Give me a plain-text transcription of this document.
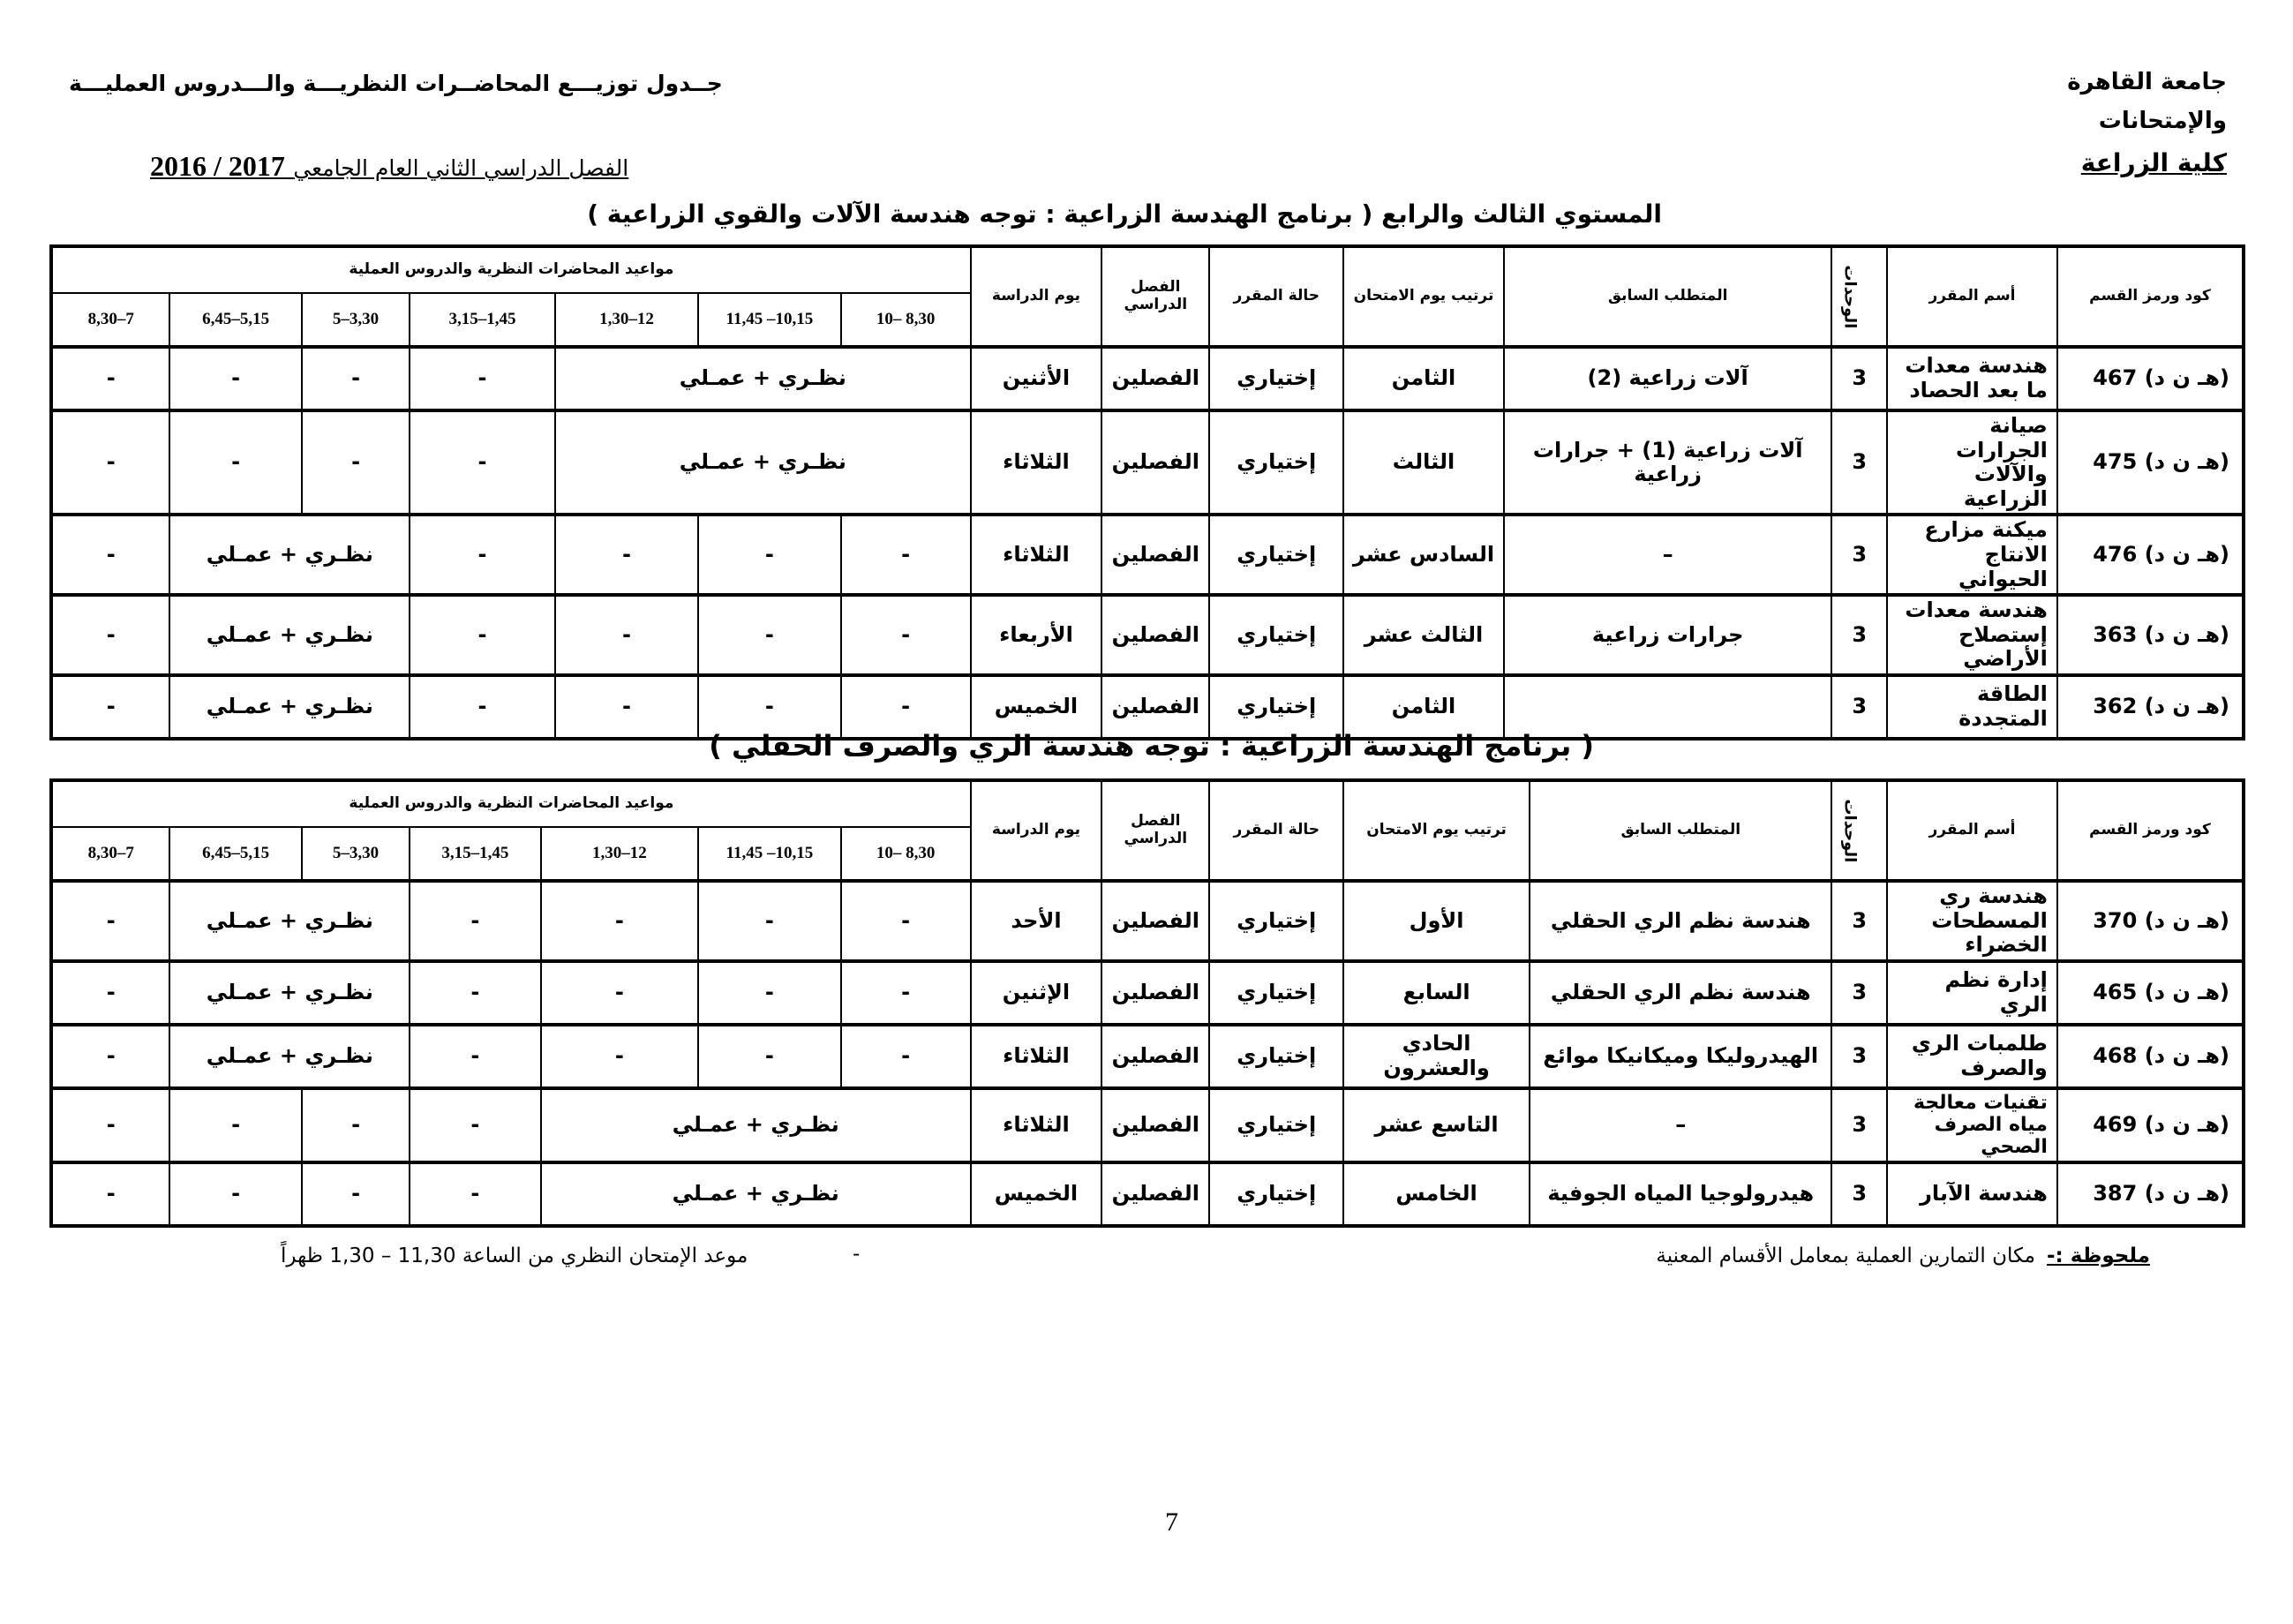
جامعة القاهرة
والإمتحانات
كلية الزراعة
جــدول توزيـــع المحاضــرات النظريـــة والـــدروس العمليـــة
الفصل الدراسي الثاني العام الجامعي 2016 / 2017
المستوي الثالث والرابع ( برنامج الهندسة الزراعية : توجه هندسة الآلات والقوي الزراعية )
كود ورمز القسم	أسم المقرر	الوحدات	المتطلب السابق	ترتيب يوم الامتحان	حالة المقرر	الفصل الدراسي	يوم الدراسة	مواعيد المحاضرات النظرية والدروس العملية						
								8,30 –10	10,15– 11,45	12–1,30	1,45–3,15	3,30–5	5,15–6,45	7–8,30
(هـ ن د) 467	هندسة معدات ما بعد الحصاد	3	آلات زراعية (2)	الثامن	إختياري	الفصلين	الأثنين	نظـري + عمـلي			-	-	-	-
(هـ ن د) 475	صيانة الجرارات والآلات الزراعية	3	آلات زراعية (1) + جرارات زراعية	الثالث	إختياري	الفصلين	الثلاثاء	نظـري + عمـلي			-	-	-	-
(هـ ن د) 476	ميكنة مزارع الانتاج الحيواني	3	–	السادس عشر	إختياري	الفصلين	الثلاثاء	-	-	-	-	نظـري + عمـلي		-
(هـ ن د) 363	هندسة معدات إستصلاح الأراضي	3	جرارات زراعية	الثالث عشر	إختياري	الفصلين	الأربعاء	-	-	-	-	نظـري + عمـلي		-
(هـ ن د) 362	الطاقة المتجددة	3		الثامن	إختياري	الفصلين	الخميس	-	-	-	-	نظـري + عمـلي		-
( برنامج الهندسة الزراعية : توجه هندسة الري والصرف الحقلي )
كود ورمز القسم	أسم المقرر	الوحدات	المتطلب السابق	ترتيب يوم الامتحان	حالة المقرر	الفصل الدراسي	يوم الدراسة	مواعيد المحاضرات النظرية والدروس العملية						
								8,30 –10	10,15– 11,45	12–1,30	1,45–3,15	3,30–5	5,15–6,45	7–8,30
(هـ ن د) 370	هندسة ري المسطحات الخضراء	3	هندسة نظم الري الحقلي	الأول	إختياري	الفصلين	الأحد	-	-	-	-	نظـري + عمـلي		-
(هـ ن د) 465	إدارة نظم الري	3	هندسة نظم الري الحقلي	السابع	إختياري	الفصلين	الإثنين	-	-	-	-	نظـري + عمـلي		-
(هـ ن د) 468	طلمبات الري والصرف	3	الهيدروليكا وميكانيكا موائع	الحادي والعشرون	إختياري	الفصلين	الثلاثاء	-	-	-	-	نظـري + عمـلي		-
(هـ ن د) 469	تقنيات معالجة مياه الصرف الصحي	3	–	التاسع عشر	إختياري	الفصلين	الثلاثاء	نظـري + عمـلي			-	-	-	-
(هـ ن د) 387	هندسة الآبار	3	هيدرولوجيا المياه الجوفية	الخامس	إختياري	الفصلين	الخميس	نظـري + عمـلي			-	-	-	-
ملحوظة :-
مكان التمارين العملية بمعامل الأقسام المعنية
-
موعد الإمتحان النظري من الساعة 11,30 – 1,30 ظهراً
7
